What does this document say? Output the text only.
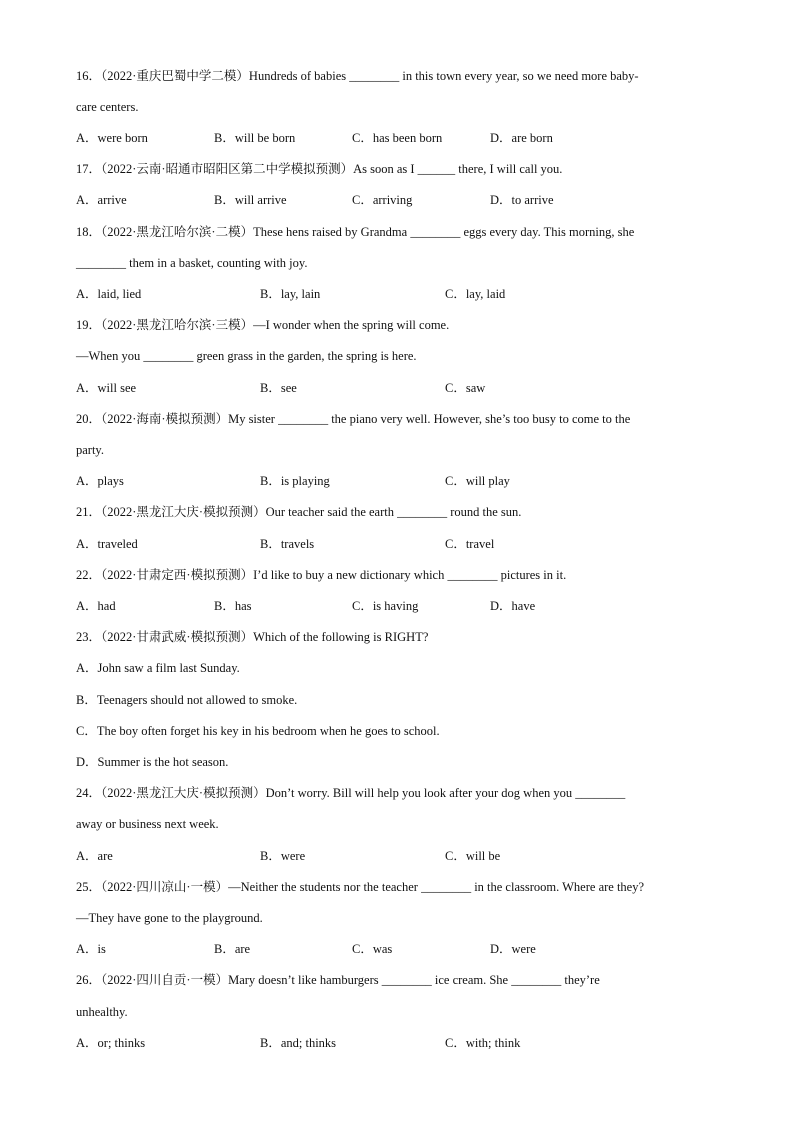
16．（2022·重庆巴蜀中学二模）Hundreds of babies ________ in this town every year, so we need more baby-
care centers.
A．were born	B．will be born	C．has been born	D．are born
17．（2022·云南·昭通市昭阳区第二中学模拟预测）As soon as I ______ there, I will call you.
A．arrive	B．will arrive	C．arriving	D．to arrive
18．（2022·黑龙江哈尔滨·二模）These hens raised by Grandma ________ eggs every day. This morning, she
________ them in a basket, counting with joy.
A．laid, lied	B．lay, lain	C．lay, laid
19．（2022·黑龙江哈尔滨·三模）—I wonder when the spring will come.
—When you ________ green grass in the garden, the spring is here.
A．will see	B．see	C．saw
20．（2022·海南·模拟预测）My sister ________ the piano very well. However, she’s too busy to come to the
party.
A．plays	B．is playing	C．will play
21．（2022·黑龙江大庆·模拟预测）Our teacher said the earth ________ round the sun.
A．traveled	B．travels	C．travel
22．（2022·甘肃定西·模拟预测）I’d like to buy a new dictionary which ________ pictures in it.
A．had	B．has	C．is having	D．have
23．（2022·甘肃武威·模拟预测）Which of the following is RIGHT?
A．John saw a film last Sunday.
B．Teenagers should not allowed to smoke.
C．The boy often forget his key in his bedroom when he goes to school.
D．Summer is the hot season.
24．（2022·黑龙江大庆·模拟预测）Don’t worry. Bill will help you look after your dog when you ________
away or business next week.
A．are	B．were	C．will be
25．（2022·四川凉山·一模）—Neither the students nor the teacher ________ in the classroom. Where are they?
—They have gone to the playground.
A．is	B．are	C．was	D．were
26．（2022·四川自贡·一模）Mary doesn’t like hamburgers ________ ice cream. She ________ they’re
unhealthy.
A．or; thinks	B．and; thinks	C．with; think
